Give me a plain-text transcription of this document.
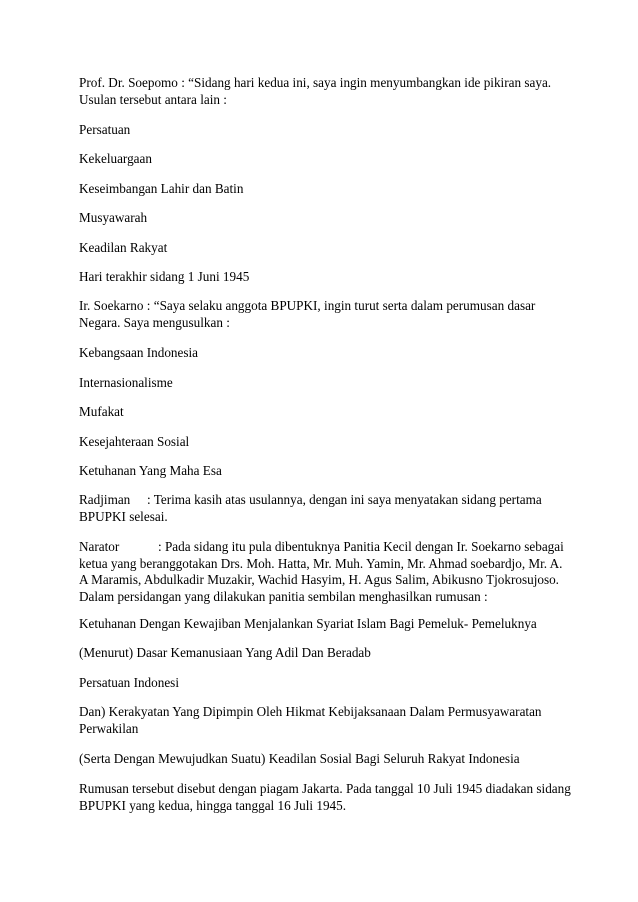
Prof. Dr. Soepomo : “Sidang hari kedua ini, saya ingin menyumbangkan ide pikiran saya.
Usulan tersebut antara lain :

Persatuan

Kekeluargaan

Keseimbangan Lahir dan Batin

Musyawarah

Keadilan Rakyat

Hari terakhir sidang 1 Juni 1945

Ir. Soekarno : “Saya selaku anggota BPUPKI, ingin turut serta dalam perumusan dasar
Negara. Saya mengusulkan :

Kebangsaan Indonesia

Internasionalisme

Mufakat

Kesejahteraan Sosial

Ketuhanan Yang Maha Esa

Radjiman : Terima kasih atas usulannya, dengan ini saya menyatakan sidang pertama
BPUPKI selesai.

Narator	: Pada sidang itu pula dibentuknya Panitia Kecil dengan Ir. Soekarno sebagai
ketua yang beranggotakan Drs. Moh. Hatta, Mr. Muh. Yamin, Mr. Ahmad soebardjo, Mr. A.
A Maramis, Abdulkadir Muzakir, Wachid Hasyim, H. Agus Salim, Abikusno Tjokrosujoso.
Dalam persidangan yang dilakukan panitia sembilan menghasilkan rumusan :

Ketuhanan Dengan Kewajiban Menjalankan Syariat Islam Bagi Pemeluk- Pemeluknya

(Menurut) Dasar Kemanusiaan Yang Adil Dan Beradab

Persatuan Indonesi

Dan) Kerakyatan Yang Dipimpin Oleh Hikmat Kebijaksanaan Dalam Permusyawaratan
Perwakilan

(Serta Dengan Mewujudkan Suatu) Keadilan Sosial Bagi Seluruh Rakyat Indonesia

Rumusan tersebut disebut dengan piagam Jakarta. Pada tanggal 10 Juli 1945 diadakan sidang
BPUPKI yang kedua, hingga tanggal 16 Juli 1945.
